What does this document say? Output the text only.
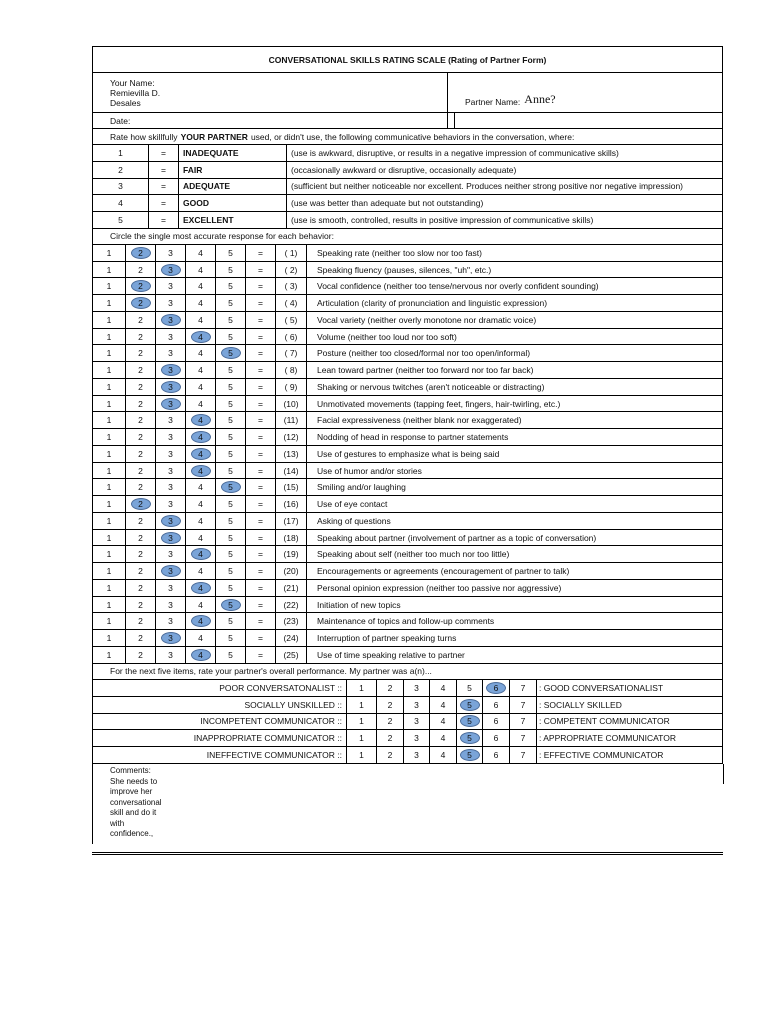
CONVERSATIONAL SKILLS RATING SCALE (Rating of Partner Form)
Your Name:
Remievilla D.
Desales	Partner Name: Anne?
Date:
Rate how skillfully YOUR PARTNER used, or didn't use, the following communicative behaviors in the conversation, where:
1	=	INADEQUATE	(use is awkward, disruptive, or results in a negative impression of communicative skills)
2	=	FAIR	(occasionally awkward or disruptive, occasionally adequate)
3	=	ADEQUATE	(sufficient but neither noticeable nor excellent. Produces neither strong positive nor negative impression)
4	=	GOOD	(use was better than adequate but not outstanding)
5	=	EXCELLENT	(use is smooth, controlled, results in positive impression of communicative skills)
Circle the single most accurate response for each behavior:
1	2	3	4	5	=	( 1)	Speaking rate (neither too slow nor too fast)
1	2	3	4	5	=	( 2)	Speaking fluency (pauses, silences, "uh", etc.)
1	2	3	4	5	=	( 3)	Vocal confidence (neither too tense/nervous nor overly confident sounding)
1	2	3	4	5	=	( 4)	Articulation (clarity of pronunciation and linguistic expression)
1	2	3	4	5	=	( 5)	Vocal variety (neither overly monotone nor dramatic voice)
1	2	3	4	5	=	( 6)	Volume (neither too loud nor too soft)
1	2	3	4	5	=	( 7)	Posture (neither too closed/formal nor too open/informal)
1	2	3	4	5	=	( 8)	Lean toward partner (neither too forward nor too far back)
1	2	3	4	5	=	( 9)	Shaking or nervous twitches (aren't noticeable or distracting)
1	2	3	4	5	=	(10)	Unmotivated movements (tapping feet, fingers, hair-twirling, etc.)
1	2	3	4	5	=	(11)	Facial expressiveness (neither blank nor exaggerated)
1	2	3	4	5	=	(12)	Nodding of head in response to partner statements
1	2	3	4	5	=	(13)	Use of gestures to emphasize what is being said
1	2	3	4	5	=	(14)	Use of humor and/or stories
1	2	3	4	5	=	(15)	Smiling and/or laughing
1	2	3	4	5	=	(16)	Use of eye contact
1	2	3	4	5	=	(17)	Asking of questions
1	2	3	4	5	=	(18)	Speaking about partner (involvement of partner as a topic of conversation)
1	2	3	4	5	=	(19)	Speaking about self (neither too much nor too little)
1	2	3	4	5	=	(20)	Encouragements or agreements (encouragement of partner to talk)
1	2	3	4	5	=	(21)	Personal opinion expression (neither too passive nor aggressive)
1	2	3	4	5	=	(22)	Initiation of new topics
1	2	3	4	5	=	(23)	Maintenance of topics and follow-up comments
1	2	3	4	5	=	(24)	Interruption of partner speaking turns
1	2	3	4	5	=	(25)	Use of time speaking relative to partner
For the next five items, rate your partner's overall performance. My partner was a(n)...
POOR CONVERSATONALIST ::	1	2	3	4	5	6	7	: GOOD CONVERSATIONALIST
SOCIALLY UNSKILLED ::	1	2	3	4	5	6	7	: SOCIALLY SKILLED
INCOMPETENT COMMUNICATOR ::	1	2	3	4	5	6	7	: COMPETENT COMMUNICATOR
INAPPROPRIATE COMMUNICATOR ::	1	2	3	4	5	6	7	: APPROPRIATE COMMUNICATOR
INEFFECTIVE COMMUNICATOR ::	1	2	3	4	5	6	7	: EFFECTIVE COMMUNICATOR
Comments:
She needs to
improve her
conversational
skill and do it
with
confidence.,
